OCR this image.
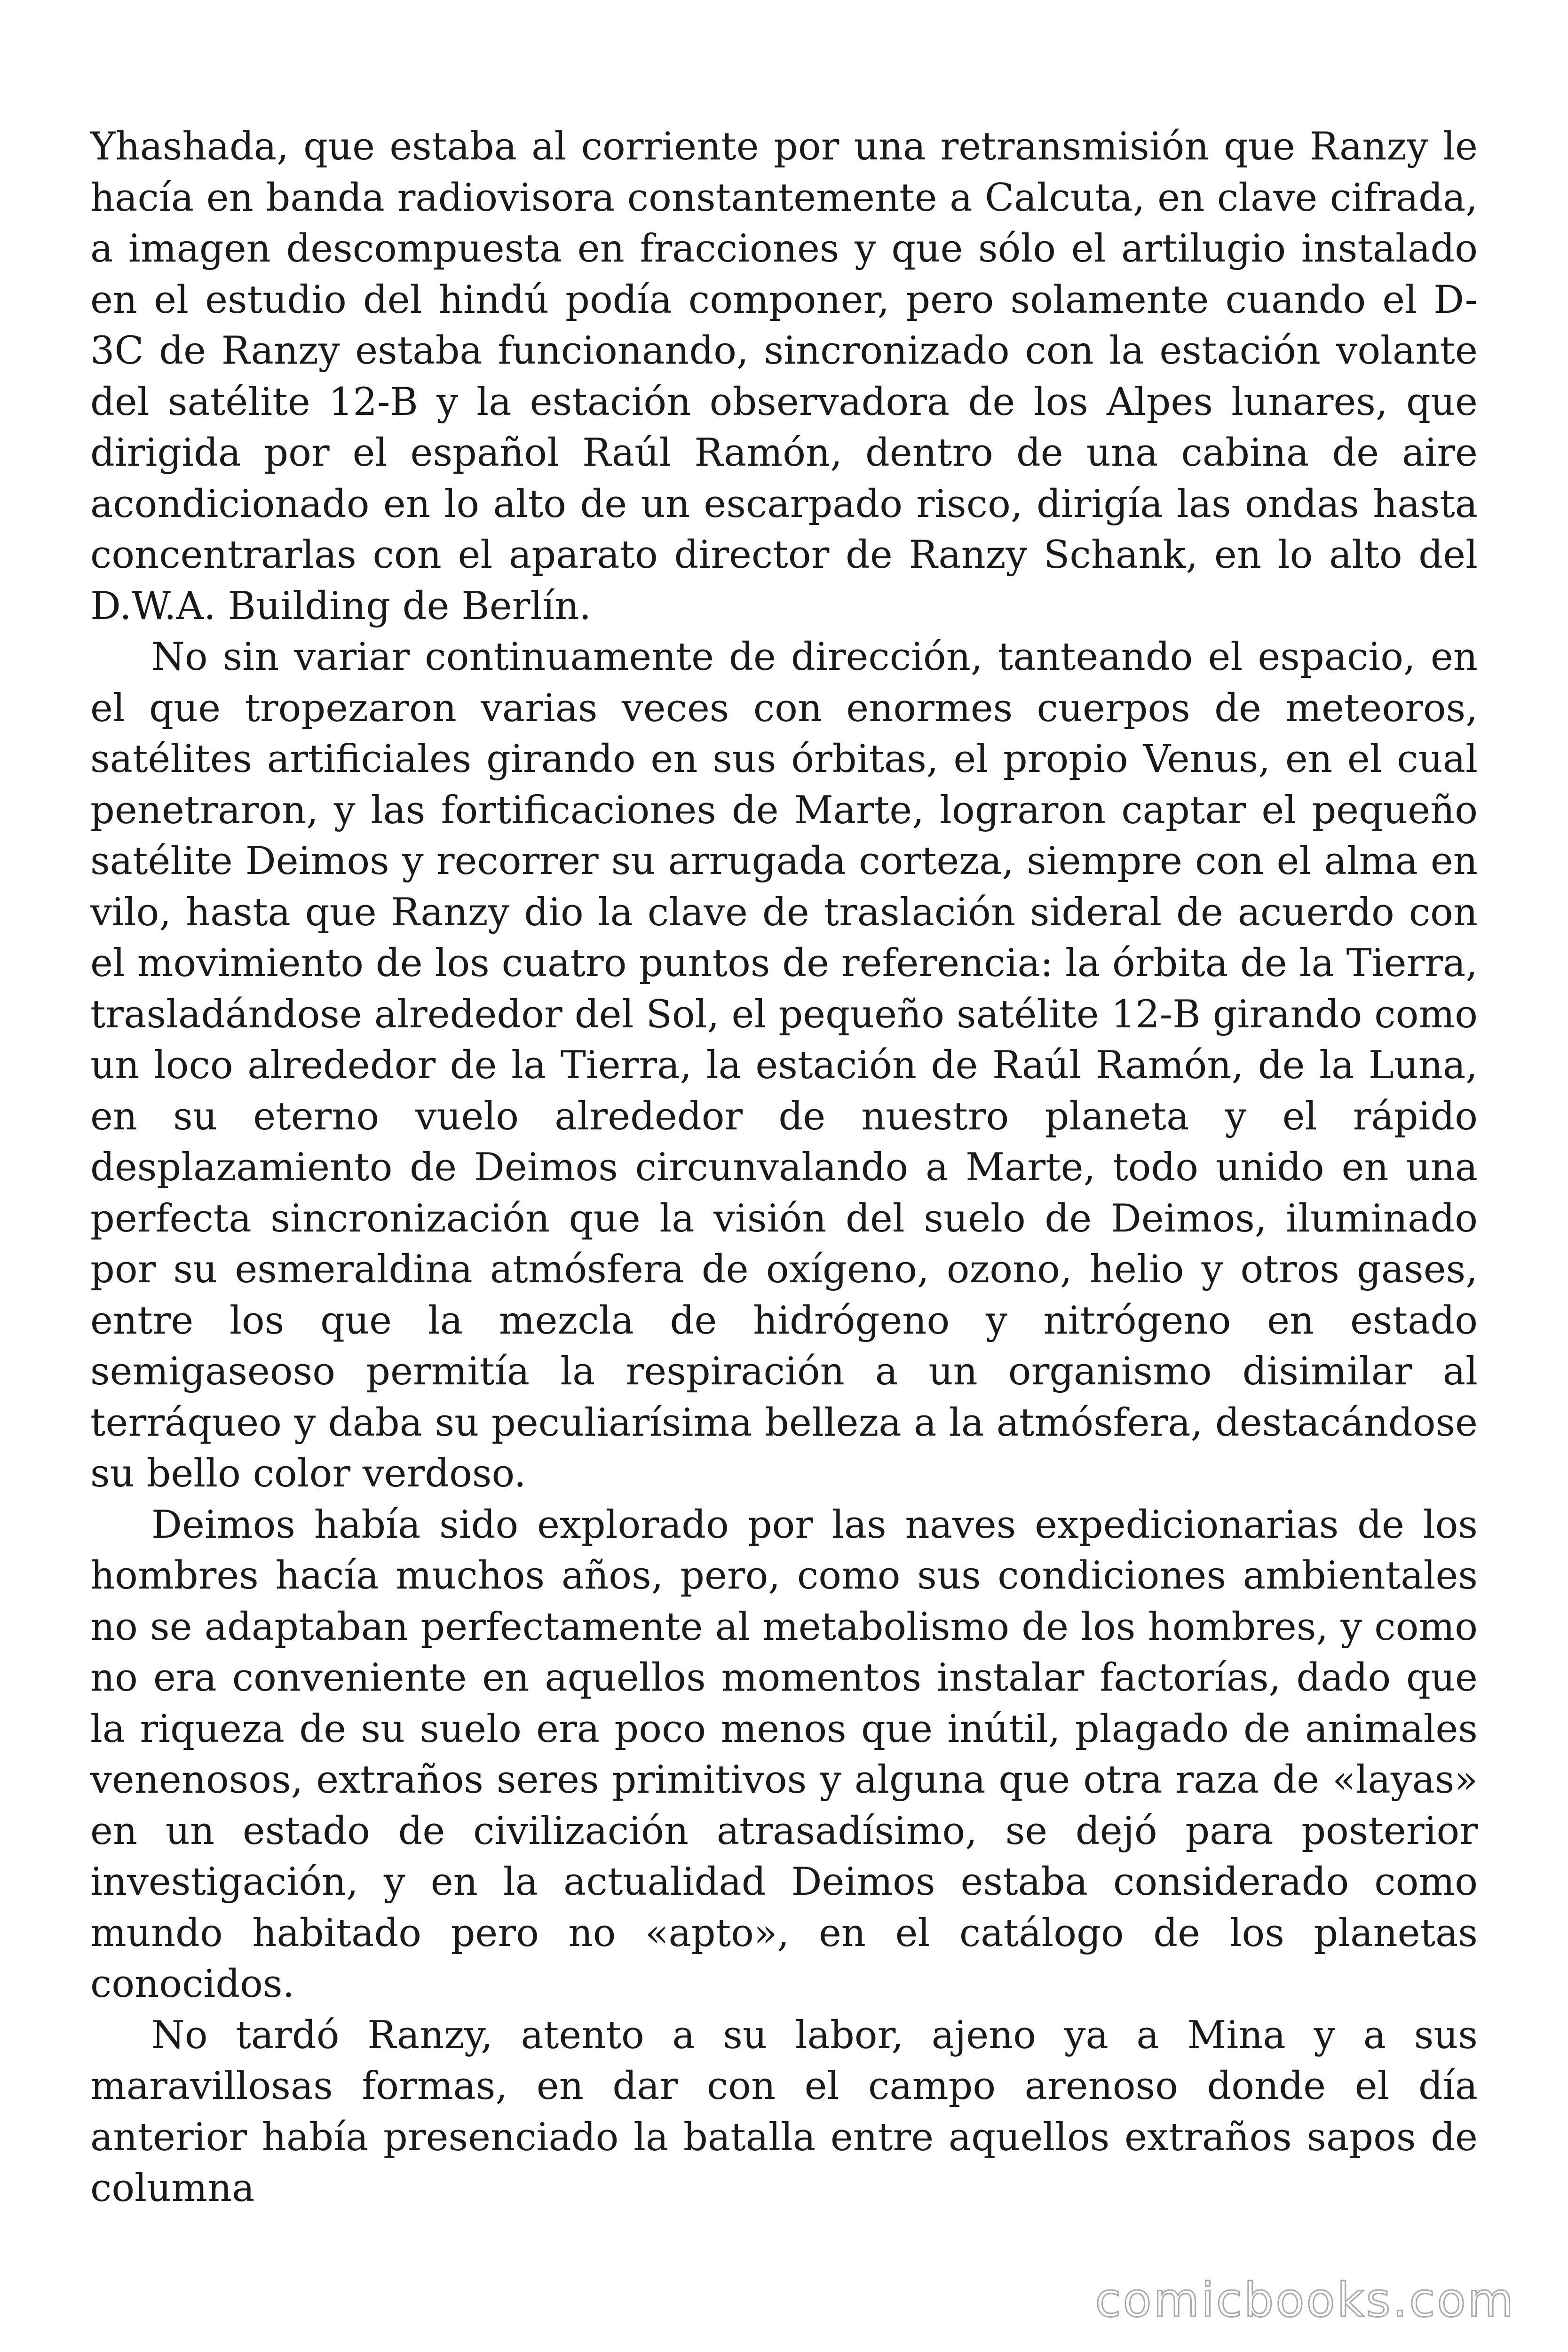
Yhashada, que estaba al corriente por una retransmisión que Ranzy le hacía en banda radiovisora constantemente a Calcuta, en clave cifrada, a imagen descompuesta en fracciones y que sólo el artilugio instalado en el estudio del hindú podía componer, pero solamente cuando el D-3C de Ranzy estaba funcionando, sincronizado con la estación volante del satélite 12-B y la estación observadora de los Alpes lunares, que dirigida por el español Raúl Ramón, dentro de una cabina de aire acondicionado en lo alto de un escarpado risco, dirigía las ondas hasta concentrarlas con el aparato director de Ranzy Schank, en lo alto del D.W.A. Building de Berlín.

No sin variar continuamente de dirección, tanteando el espacio, en el que tropezaron varias veces con enormes cuerpos de meteoros, satélites artificiales girando en sus órbitas, el propio Venus, en el cual penetraron, y las fortificaciones de Marte, lograron captar el pequeño satélite Deimos y recorrer su arrugada corteza, siempre con el alma en vilo, hasta que Ranzy dio la clave de traslación sideral de acuerdo con el movimiento de los cuatro puntos de referencia: la órbita de la Tierra, trasladándose alrededor del Sol, el pequeño satélite 12-B girando como un loco alrededor de la Tierra, la estación de Raúl Ramón, de la Luna, en su eterno vuelo alrededor de nuestro planeta y el rápido desplazamiento de Deimos circunvalando a Marte, todo unido en una perfecta sincronización que la visión del suelo de Deimos, iluminado por su esmeraldina atmósfera de oxígeno, ozono, helio y otros gases, entre los que la mezcla de hidrógeno y nitrógeno en estado semigaseoso permitía la respiración a un organismo disimilar al terráqueo y daba su peculiarísima belleza a la atmósfera, destacándose su bello color verdoso.

Deimos había sido explorado por las naves expedicionarias de los hombres hacía muchos años, pero, como sus condiciones ambientales no se adaptaban perfectamente al metabolismo de los hombres, y como no era conveniente en aquellos momentos instalar factorías, dado que la riqueza de su suelo era poco menos que inútil, plagado de animales venenosos, extraños seres primitivos y alguna que otra raza de «layas» en un estado de civilización atrasadísimo, se dejó para posterior investigación, y en la actualidad Deimos estaba considerado como mundo habitado pero no «apto», en el catálogo de los planetas conocidos.

No tardó Ranzy, atento a su labor, ajeno ya a Mina y a sus maravillosas formas, en dar con el campo arenoso donde el día anterior había presenciado la batalla entre aquellos extraños sapos de columna

comicbooks.com
